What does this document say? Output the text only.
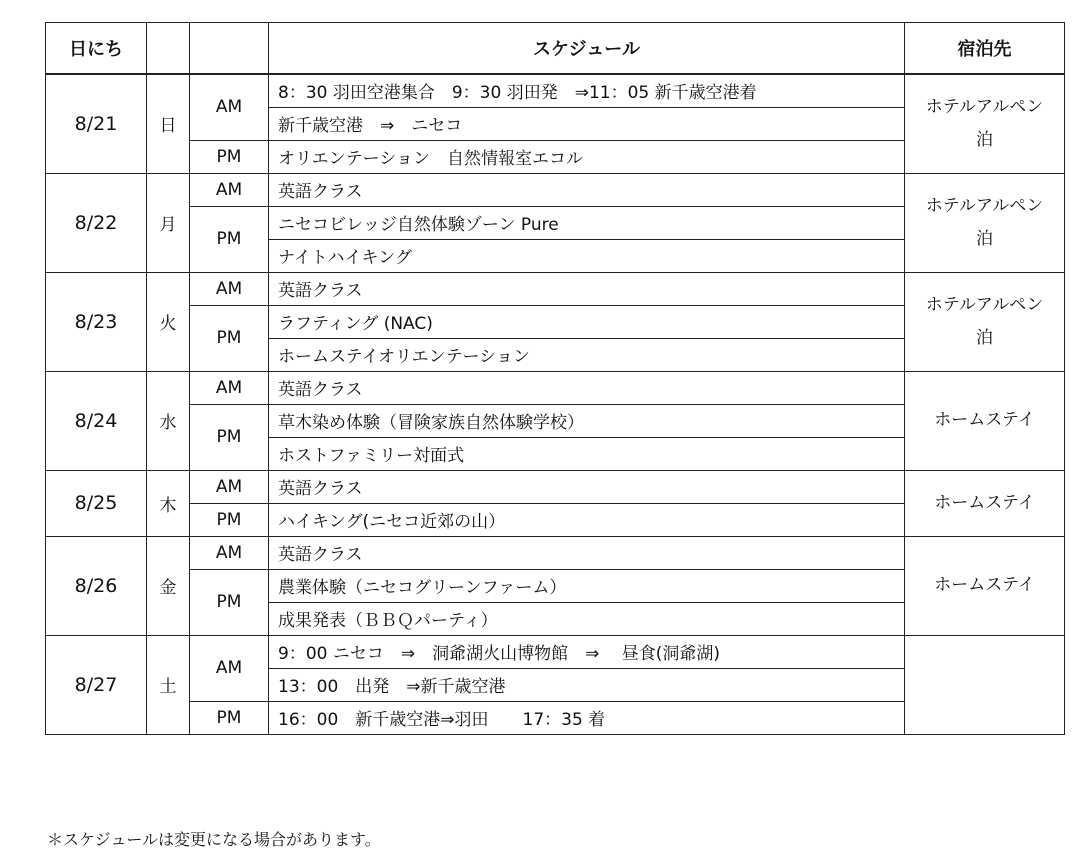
日にち			スケジュール	宿泊先
8/21	日	AM	8：30 羽田空港集合　9：30 羽田発　⇒11：05 新千歳空港着	ホテルアルペン
泊

			新千歳空港　⇒　ニセコ	
		PM	オリエンテーション　自然情報室エコル	
8/22	月	AM	英語クラス	ホテルアルペン
泊

		PM	ニセコビレッジ自然体験ゾーン Pure	
			ナイトハイキング	
8/23	火	AM	英語クラス	ホテルアルペン
泊

		PM	ラフティング (NAC)	
			ホームステイオリエンテーション	
8/24	水	AM	英語クラス	ホームステイ

		PM	草木染め体験（冒険家族自然体験学校）	
			ホストファミリー対面式	
8/25	木	AM	英語クラス	ホームステイ

		PM	ハイキング(ニセコ近郊の山）	
8/26	金	AM	英語クラス	ホームステイ

		PM	農業体験（ニセコグリーンファーム）	
			成果発表（ＢＢＱパーティ）	
8/27	土	AM	9：00 ニセコ　⇒　洞爺湖火山博物館　⇒　 昼食(洞爺湖)	
			13：00　出発　⇒新千歳空港	
		PM	16：00　新千歳空港⇒羽田　　17：35 着	
＊スケジュールは変更になる場合があります。
